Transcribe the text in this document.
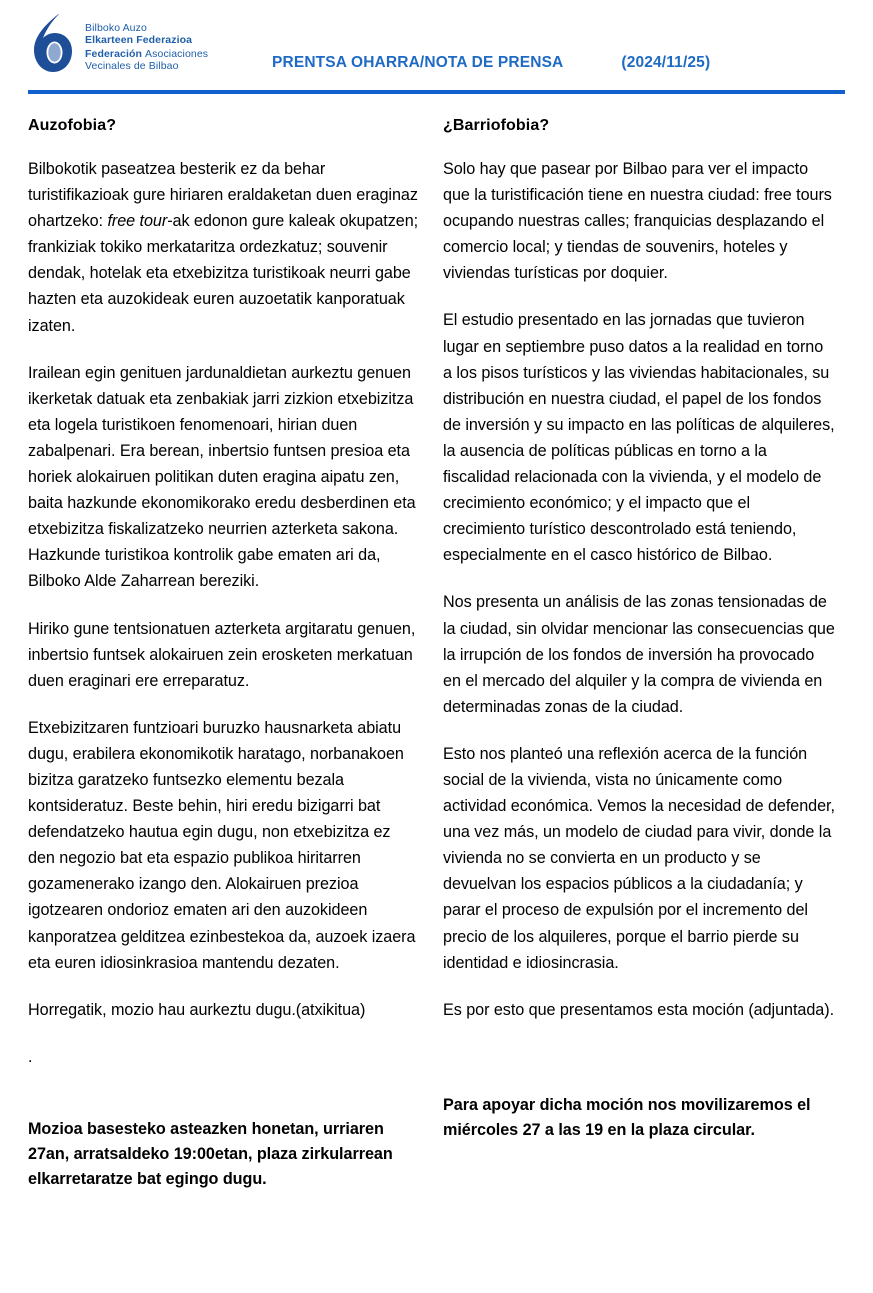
Bilboko Auzo
Elkarteen Federazioa
Federación Asociaciones
Vecinales de Bilbao	PRENTSA OHARRA/NOTA DE PRENSA	(2024/11/25)
Auzofobia?

Bilbokotik paseatzea besterik ez da behar turistifikazioak gure hiriaren eraldaketan duen eraginaz ohartzeko: free tour-ak edonon gure kaleak okupatzen; frankiziak tokiko merkataritza ordezkatuz; souvenir dendak, hotelak eta etxebizitza turistikoak neurri gabe hazten eta auzokideak euren auzoetatik kanporatuak izaten.

Irailean egin genituen jardunaldietan aurkeztu genuen ikerketak datuak eta zenbakiak jarri zizkion etxebizitza eta logela turistikoen fenomenoari, hirian duen zabalpenari. Era berean, inbertsio funtsen presioa eta horiek alokairuen politikan duten eragina aipatu zen, baita hazkunde ekonomikorako eredu desberdinen eta etxebizitza fiskalizatzeko neurrien azterketa sakona. Hazkunde turistikoa kontrolik gabe ematen ari da, Bilboko Alde Zaharrean bereziki.

Hiriko gune tentsionatuen azterketa argitaratu genuen, inbertsio funtsek alokairuen zein erosketen merkatuan duen eraginari ere erreparatuz.

Etxebizitzaren funtzioari buruzko hausnarketa abiatu dugu, erabilera ekonomikotik haratago, norbanakoen bizitza garatzeko funtsezko elementu bezala kontsideratuz. Beste behin, hiri eredu bizigarri bat defendatzeko hautua egin dugu, non etxebizitza ez den negozio bat eta espazio publikoa hiritarren gozamenerako izango den. Alokairuen prezioa igotzearen ondorioz ematen ari den auzokideen kanporatzea gelditzea ezinbestekoa da, auzoek izaera eta euren idiosinkrasioa mantendu dezaten.

Horregatik, mozio hau aurkeztu dugu.(atxikitua)

.

Mozioa basesteko asteazken honetan, urriaren 27an, arratsaldeko 19:00etan, plaza zirkularrean elkarretaratze bat egingo dugu.

¿Barriofobia?

Solo hay que pasear por Bilbao para ver el impacto que la turistificación tiene en nuestra ciudad: free tours ocupando nuestras calles; franquicias desplazando el comercio local; y tiendas de souvenirs, hoteles y viviendas turísticas por doquier.

El estudio presentado en las jornadas que tuvieron lugar en septiembre puso datos a la realidad en torno a los pisos turísticos y las viviendas habitacionales, su distribución en nuestra ciudad, el papel de los fondos de inversión y su impacto en las políticas de alquileres, la ausencia de políticas públicas en torno a la fiscalidad relacionada con la vivienda, y el modelo de crecimiento económico; y el impacto que el crecimiento turístico descontrolado está teniendo, especialmente en el casco histórico de Bilbao.

Nos presenta un análisis de las zonas tensionadas de la ciudad, sin olvidar mencionar las consecuencias que la irrupción de los fondos de inversión ha provocado en el mercado del alquiler y la compra de vivienda en determinadas zonas de la ciudad.

Esto nos planteó una reflexión acerca de la función social de la vivienda, vista no únicamente como actividad económica. Vemos la necesidad de defender, una vez más, un modelo de ciudad para vivir, donde la vivienda no se convierta en un producto y se devuelvan los espacios públicos a la ciudadanía; y parar el proceso de expulsión por el incremento del precio de los alquileres, porque el barrio pierde su identidad e idiosincrasia.

Es por esto que presentamos esta moción (adjuntada).

Para apoyar dicha moción nos movilizaremos el miércoles 27 a las 19 en la plaza circular.
